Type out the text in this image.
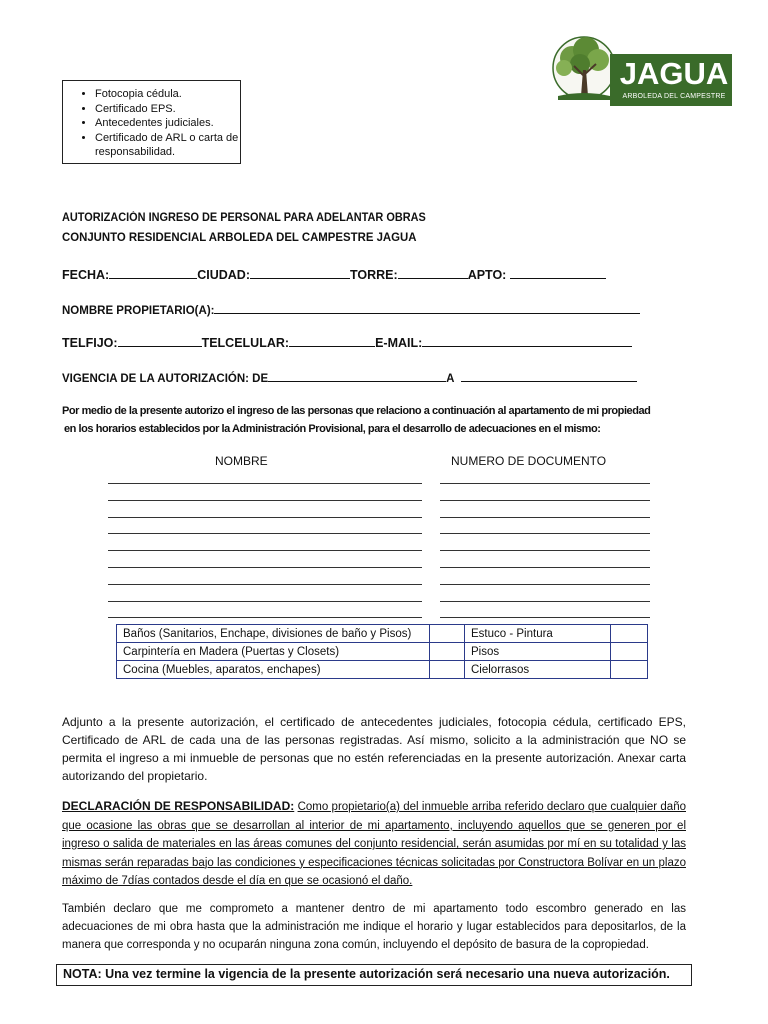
• Fotocopia cédula.
• Certificado EPS.
• Antecedentes judiciales.
• Certificado de ARL o carta de responsabilidad.
JAGUA
ARBOLEDA DEL CAMPESTRE
AUTORIZACIÓN INGRESO DE PERSONAL PARA ADELANTAR OBRAS
CONJUNTO RESIDENCIAL ARBOLEDA DEL CAMPESTRE JAGUA
FECHA:	CIUDAD:	TORRE:	APTO:
NOMBRE PROPIETARIO(A):
TELFIJO:	TELCELULAR:	E-MAIL:
VIGENCIA DE LA AUTORIZACIÓN: DE	A
Por medio de la presente autorizo el ingreso de las personas que relaciono a continuación al apartamento de mi propiedad
en los horarios establecidos por la Administración Provisional, para el desarrollo de adecuaciones en el mismo:
NOMBRE	NUMERO DE DOCUMENTO
Baños (Sanitarios, Enchape, divisiones de baño y Pisos)		Estuco - Pintura	
Carpintería en Madera (Puertas y Closets)		Pisos	
Cocina (Muebles, aparatos, enchapes)		Cielorrasos	
Adjunto a la presente autorización, el certificado de antecedentes judiciales, fotocopia cédula, certificado EPS, Certificado de ARL de cada una de las personas registradas. Así mismo, solicito a la administración que NO se permita el ingreso a mi inmueble de personas que no estén referenciadas en la presente autorización. Anexar carta autorizando del propietario.
DECLARACIÓN DE RESPONSABILIDAD: Como propietario(a) del inmueble arriba referido declaro que cualquier daño que ocasione las obras que se desarrollan al interior de mi apartamento, incluyendo aquellos que se generen por el ingreso o salida de materiales en las áreas comunes del conjunto residencial, serán asumidas por mí en su totalidad y las mismas serán reparadas bajo las condiciones y especificaciones técnicas solicitadas por Constructora Bolívar en un plazo máximo de 7días contados desde el día en que se ocasionó el daño.
También declaro que me comprometo a mantener dentro de mi apartamento todo escombro generado en las adecuaciones de mi obra hasta que la administración me indique el horario y lugar establecidos para depositarlos, de la manera que corresponda y no ocuparán ninguna zona común, incluyendo el depósito de basura de la copropiedad.
NOTA: Una vez termine la vigencia de la presente autorización será necesario una nueva autorización.
